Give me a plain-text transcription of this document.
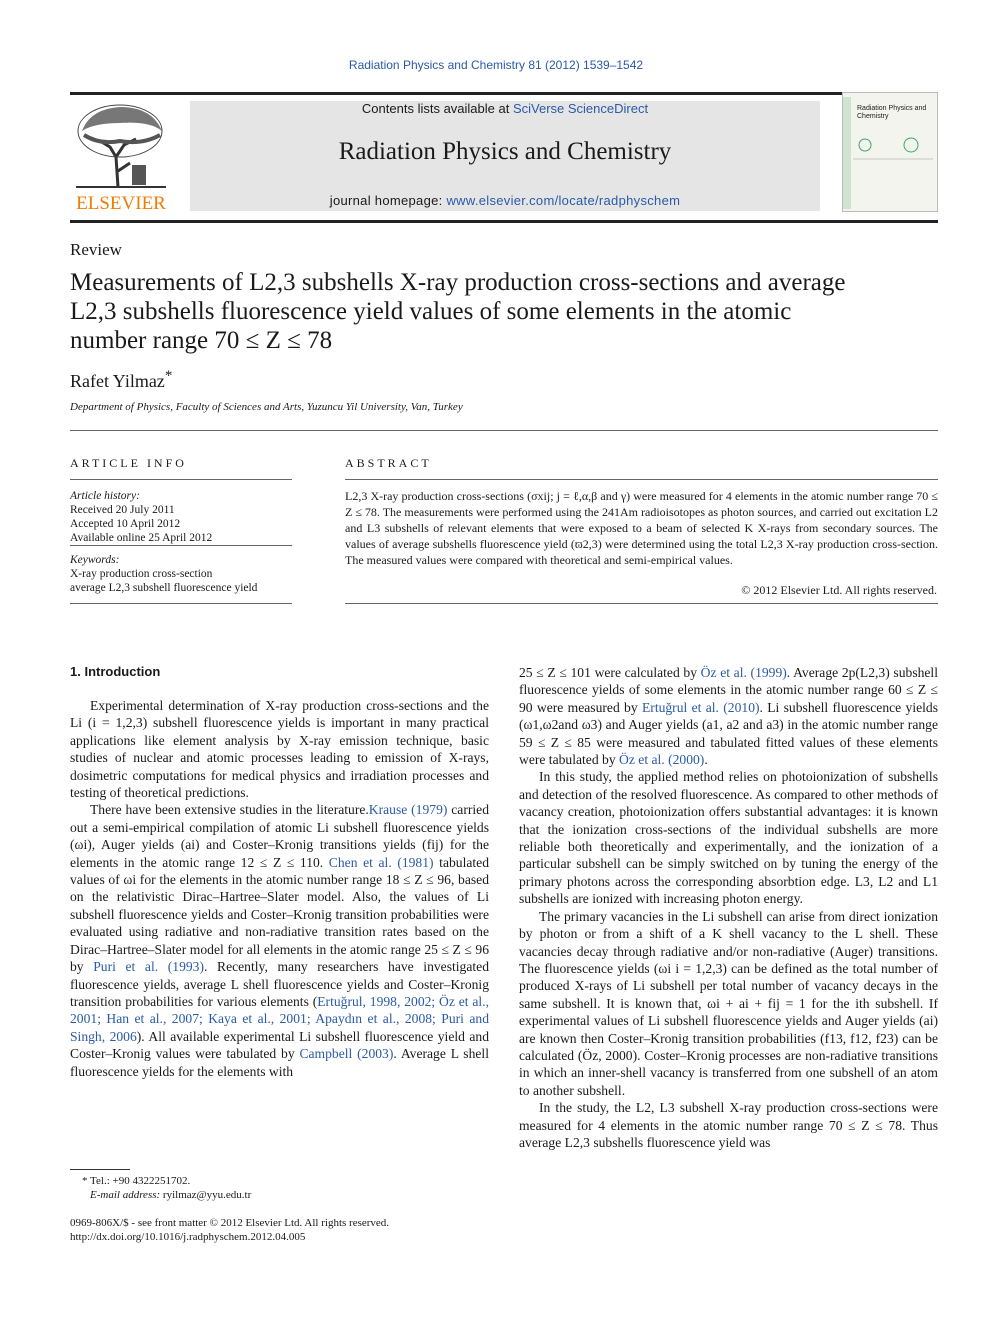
Radiation Physics and Chemistry 81 (2012) 1539–1542
ELSEVIER
Contents lists available at SciVerse ScienceDirect
Radiation Physics and Chemistry
journal homepage: www.elsevier.com/locate/radphyschem
Radiation Physics and Chemistry
Review
Measurements of L2,3 subshells X-ray production cross-sections and average
L2,3 subshells fluorescence yield values of some elements in the atomic
number range 70 ≤ Z ≤ 78
Rafet Yilmaz*
Department of Physics, Faculty of Sciences and Arts, Yuzuncu Yil University, Van, Turkey
ARTICLE INFO
Article history:
Received 20 July 2011
Accepted 10 April 2012
Available online 25 April 2012
Keywords:
X-ray production cross-section
average L2,3 subshell fluorescence yield
ABSTRACT
L2,3 X-ray production cross-sections (σxij; j = ℓ,α,β and γ) were measured for 4 elements in the atomic number range 70 ≤ Z ≤ 78. The measurements were performed using the 241Am radioisotopes as photon sources, and carried out excitation L2 and L3 subshells of relevant elements that were exposed to a beam of selected K X-rays from secondary sources. The values of average subshells fluorescence yield (ϖ2,3) were determined using the total L2,3 X-ray production cross-section. The measured values were compared with theoretical and semi-empirical values.
© 2012 Elsevier Ltd. All rights reserved.
1. Introduction

Experimental determination of X-ray production cross-sections and the Li (i = 1,2,3) subshell fluorescence yields is important in many practical applications like element analysis by X-ray emission technique, basic studies of nuclear and atomic processes leading to emission of X-rays, dosimetric computations for medical physics and irradiation processes and testing of theoretical predictions.

There have been extensive studies in the literature.Krause (1979) carried out a semi-empirical compilation of atomic Li subshell fluorescence yields (ωi), Auger yields (ai) and Coster–Kronig transitions yields (fij) for the elements in the atomic range 12 ≤ Z ≤ 110. Chen et al. (1981) tabulated values of ωi for the elements in the atomic number range 18 ≤ Z ≤ 96, based on the relativistic Dirac–Hartree–Slater model. Also, the values of Li subshell fluorescence yields and Coster–Kronig transition probabilities were evaluated using radiative and non-radiative transition rates based on the Dirac–Hartree–Slater model for all elements in the atomic range 25 ≤ Z ≤ 96 by Puri et al. (1993). Recently, many researchers have investigated fluorescence yields, average L shell fluorescence yields and Coster–Kronig transition probabilities for various elements (Ertuğrul, 1998, 2002; Öz et al., 2001; Han et al., 2007; Kaya et al., 2001; Apaydın et al., 2008; Puri and Singh, 2006). All available experimental Li subshell fluorescence yield and Coster–Kronig values were tabulated by Campbell (2003). Average L shell fluorescence yields for the elements with

25 ≤ Z ≤ 101 were calculated by Öz et al. (1999). Average 2p(L2,3) subshell fluorescence yields of some elements in the atomic number range 60 ≤ Z ≤ 90 were measured by Ertuğrul et al. (2010). Li subshell fluorescence yields (ω1,ω2and ω3) and Auger yields (a1, a2 and a3) in the atomic number range 59 ≤ Z ≤ 85 were measured and tabulated fitted values of these elements were tabulated by Öz et al. (2000).

In this study, the applied method relies on photoionization of subshells and detection of the resolved fluorescence. As compared to other methods of vacancy creation, photoionization offers substantial advantages: it is known that the ionization cross-sections of the individual subshells are more reliable both theoretically and experimentally, and the ionization of a particular subshell can be simply switched on by tuning the energy of the primary photons across the corresponding absorbtion edge. L3, L2 and L1 subshells are ionized with increasing photon energy.

The primary vacancies in the Li subshell can arise from direct ionization by photon or from a shift of a K shell vacancy to the L shell. These vacancies decay through radiative and/or non-radiative (Auger) transitions. The fluorescence yields (ωi i = 1,2,3) can be defined as the total number of produced X-rays of Li subshell per total number of vacancy decays in the same subshell. It is known that, ωi + ai + fij = 1 for the ith subshell. If experimental values of Li subshell fluorescence yields and Auger yields (ai) are known then Coster–Kronig transition probabilities (f13, f12, f23) can be calculated (Öz, 2000). Coster–Kronig processes are non-radiative transitions in which an inner-shell vacancy is transferred from one subshell of an atom to another subshell.

In the study, the L2, L3 subshell X-ray production cross-sections were measured for 4 elements in the atomic number range 70 ≤ Z ≤ 78. Thus average L2,3 subshells fluorescence yield was

* Tel.: +90 4322251702.
E-mail address: ryilmaz@yyu.edu.tr
0969-806X/$ - see front matter © 2012 Elsevier Ltd. All rights reserved.
http://dx.doi.org/10.1016/j.radphyschem.2012.04.005
